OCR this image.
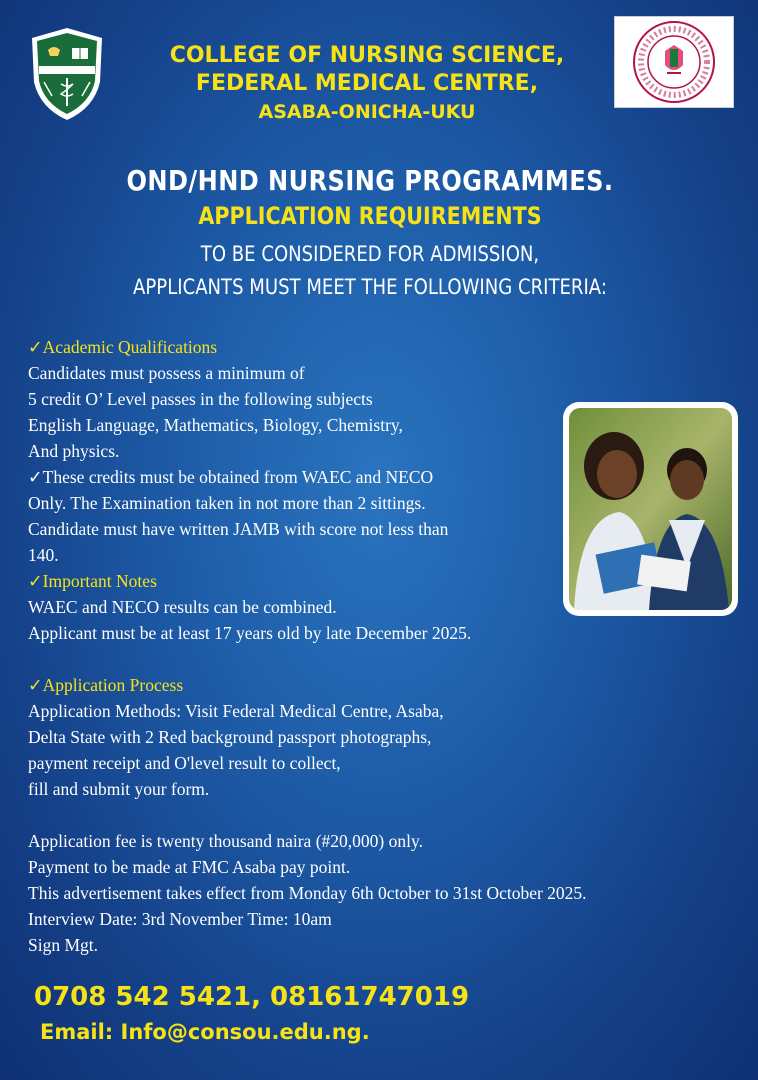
COLLEGE OF NURSING SCIENCE,
FEDERAL MEDICAL CENTRE,
ASABA-ONICHA-UKU
OND/HND NURSING PROGRAMMES.
APPLICATION REQUIREMENTS
TO BE CONSIDERED FOR ADMISSION,
APPLICANTS MUST MEET THE FOLLOWING CRITERIA:
✓Academic Qualifications
Candidates must possess a minimum of
5 credit O’ Level passes in the following subjects
English Language, Mathematics, Biology, Chemistry,
And physics.
✓These credits must be obtained from WAEC and NECO
Only. The Examination taken in not more than 2 sittings.
Candidate must have written JAMB with score not less than
140.
✓Important Notes
WAEC and NECO results can be combined.
Applicant must be at least 17 years old by late December 2025.
✓Application Process
Application Methods: Visit Federal Medical Centre, Asaba,
Delta State with 2 Red background passport photographs,
payment receipt and O'level result to collect,
fill and submit your form.
Application fee is twenty thousand naira (#20,000) only.
Payment to be made at FMC Asaba pay point.
This advertisement takes effect from Monday 6th 0ctober to 31st October 2025.
Interview Date: 3rd November Time: 10am
Sign Mgt.
0708 542 5421, 08161747019
Email: Info@consou.edu.ng.
